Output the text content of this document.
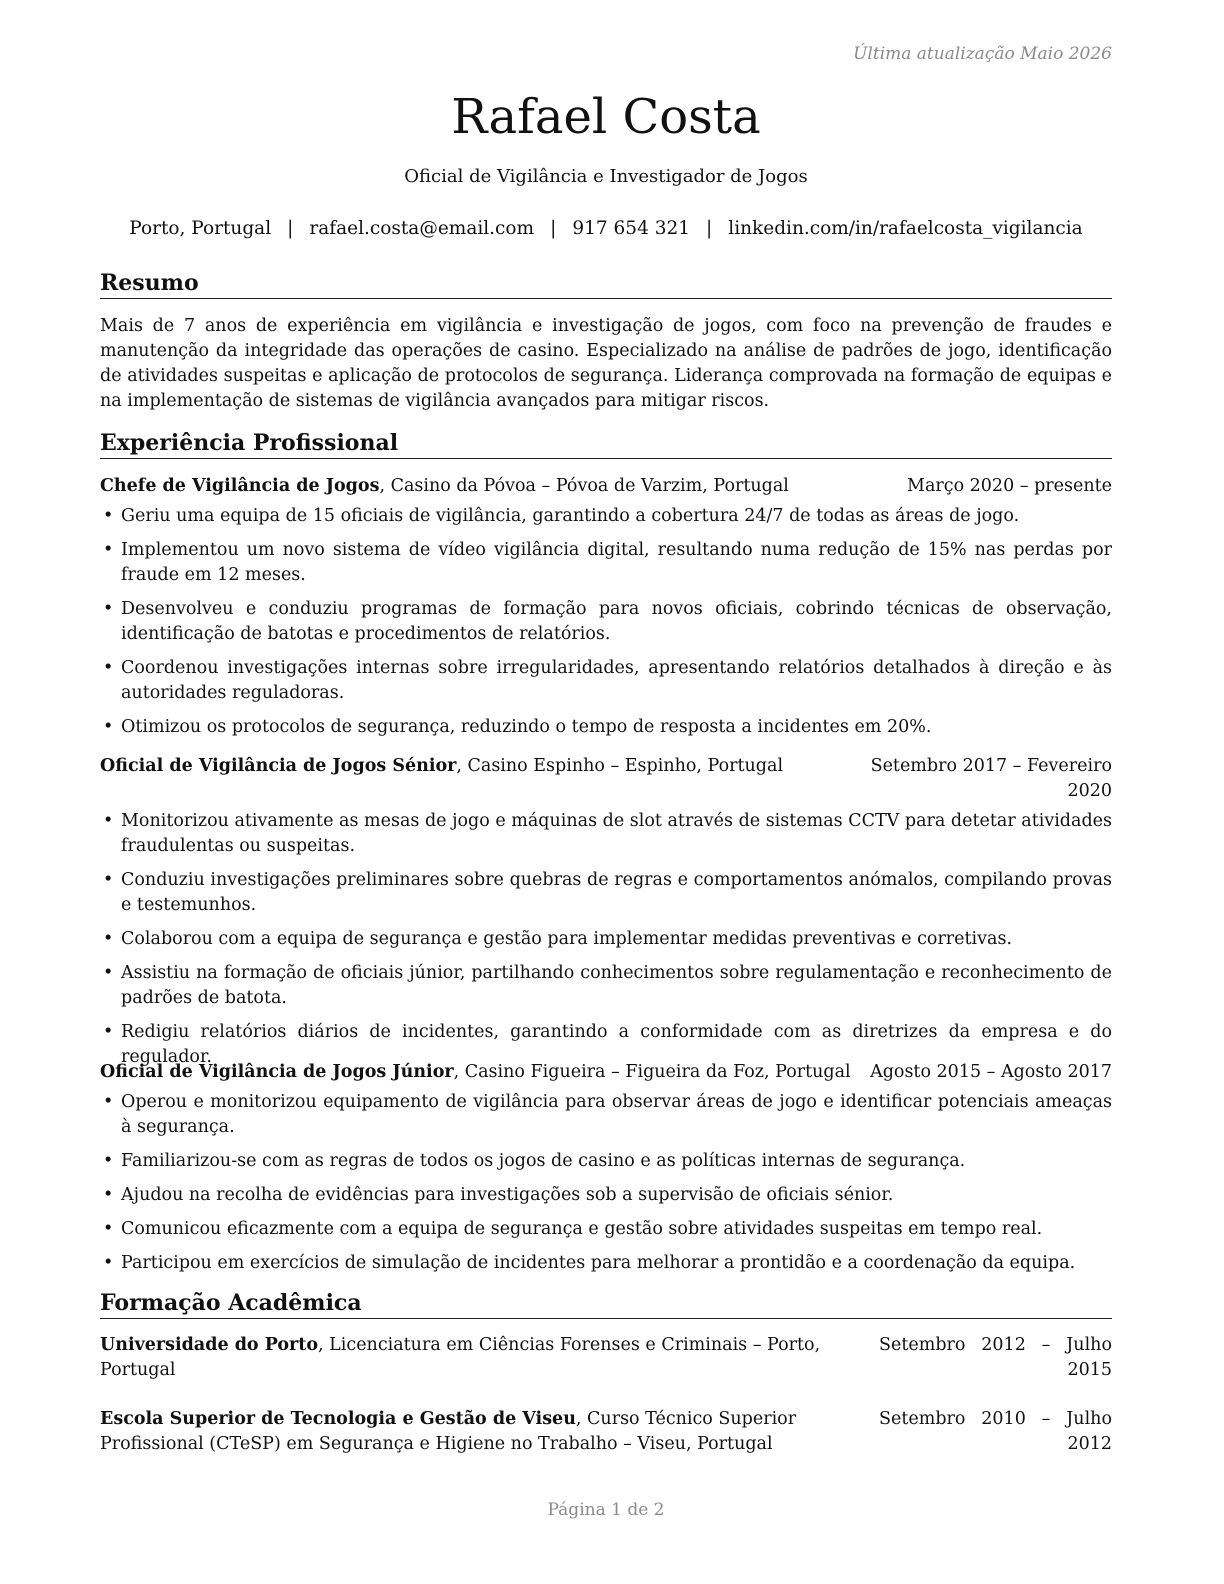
Última atualização Maio 2026
Rafael Costa
Oficial de Vigilância e Investigador de Jogos
Porto, Portugal | rafael.costa@email.com | 917 654 321 | linkedin.com/in/rafaelcosta_vigilancia
Resumo
Mais de 7 anos de experiência em vigilância e investigação de jogos, com foco na prevenção de fraudes e manutenção da integridade das operações de casino. Especializado na análise de padrões de jogo, identificação de atividades suspeitas e aplicação de protocolos de segurança. Liderança comprovada na formação de equipas e na implementação de sistemas de vigilância avançados para mitigar riscos.
Experiência Profissional
Chefe de Vigilância de Jogos, Casino da Póvoa – Póvoa de Varzim, Portugal	Março 2020 – presente
• Geriu uma equipa de 15 oficiais de vigilância, garantindo a cobertura 24/7 de todas as áreas de jogo.
• Implementou um novo sistema de vídeo vigilância digital, resultando numa redução de 15% nas perdas por fraude em 12 meses.
• Desenvolveu e conduziu programas de formação para novos oficiais, cobrindo técnicas de observação, identificação de batotas e procedimentos de relatórios.
• Coordenou investigações internas sobre irregularidades, apresentando relatórios detalhados à direção e às autoridades reguladoras.
• Otimizou os protocolos de segurança, reduzindo o tempo de resposta a incidentes em 20%.
Oficial de Vigilância de Jogos Sénior, Casino Espinho – Espinho, Portugal	Setembro 2017 – Fevereiro
2020
• Monitorizou ativamente as mesas de jogo e máquinas de slot através de sistemas CCTV para detetar atividades fraudulentas ou suspeitas.
• Conduziu investigações preliminares sobre quebras de regras e comportamentos anómalos, compilando provas e testemunhos.
• Colaborou com a equipa de segurança e gestão para implementar medidas preventivas e corretivas.
• Assistiu na formação de oficiais júnior, partilhando conhecimentos sobre regulamentação e reconhecimento de padrões de batota.
• Redigiu relatórios diários de incidentes, garantindo a conformidade com as diretrizes da empresa e do regulador.
Oficial de Vigilância de Jogos Júnior, Casino Figueira – Figueira da Foz, Portugal Agosto 2015 – Agosto 2017
• Operou e monitorizou equipamento de vigilância para observar áreas de jogo e identificar potenciais ameaças à segurança.
• Familiarizou-se com as regras de todos os jogos de casino e as políticas internas de segurança.
• Ajudou na recolha de evidências para investigações sob a supervisão de oficiais sénior.
• Comunicou eficazmente com a equipa de segurança e gestão sobre atividades suspeitas em tempo real.
• Participou em exercícios de simulação de incidentes para melhorar a prontidão e a coordenação da equipa.
Formação Acadêmica
Universidade do Porto, Licenciatura em Ciências Forenses e Criminais – Porto, Portugal
Setembro 2012 – Julho 2015
Escola Superior de Tecnologia e Gestão de Viseu, Curso Técnico Superior Profissional (CTeSP) em Segurança e Higiene no Trabalho – Viseu, Portugal
Setembro 2010 – Julho 2012
Página 1 de 2
